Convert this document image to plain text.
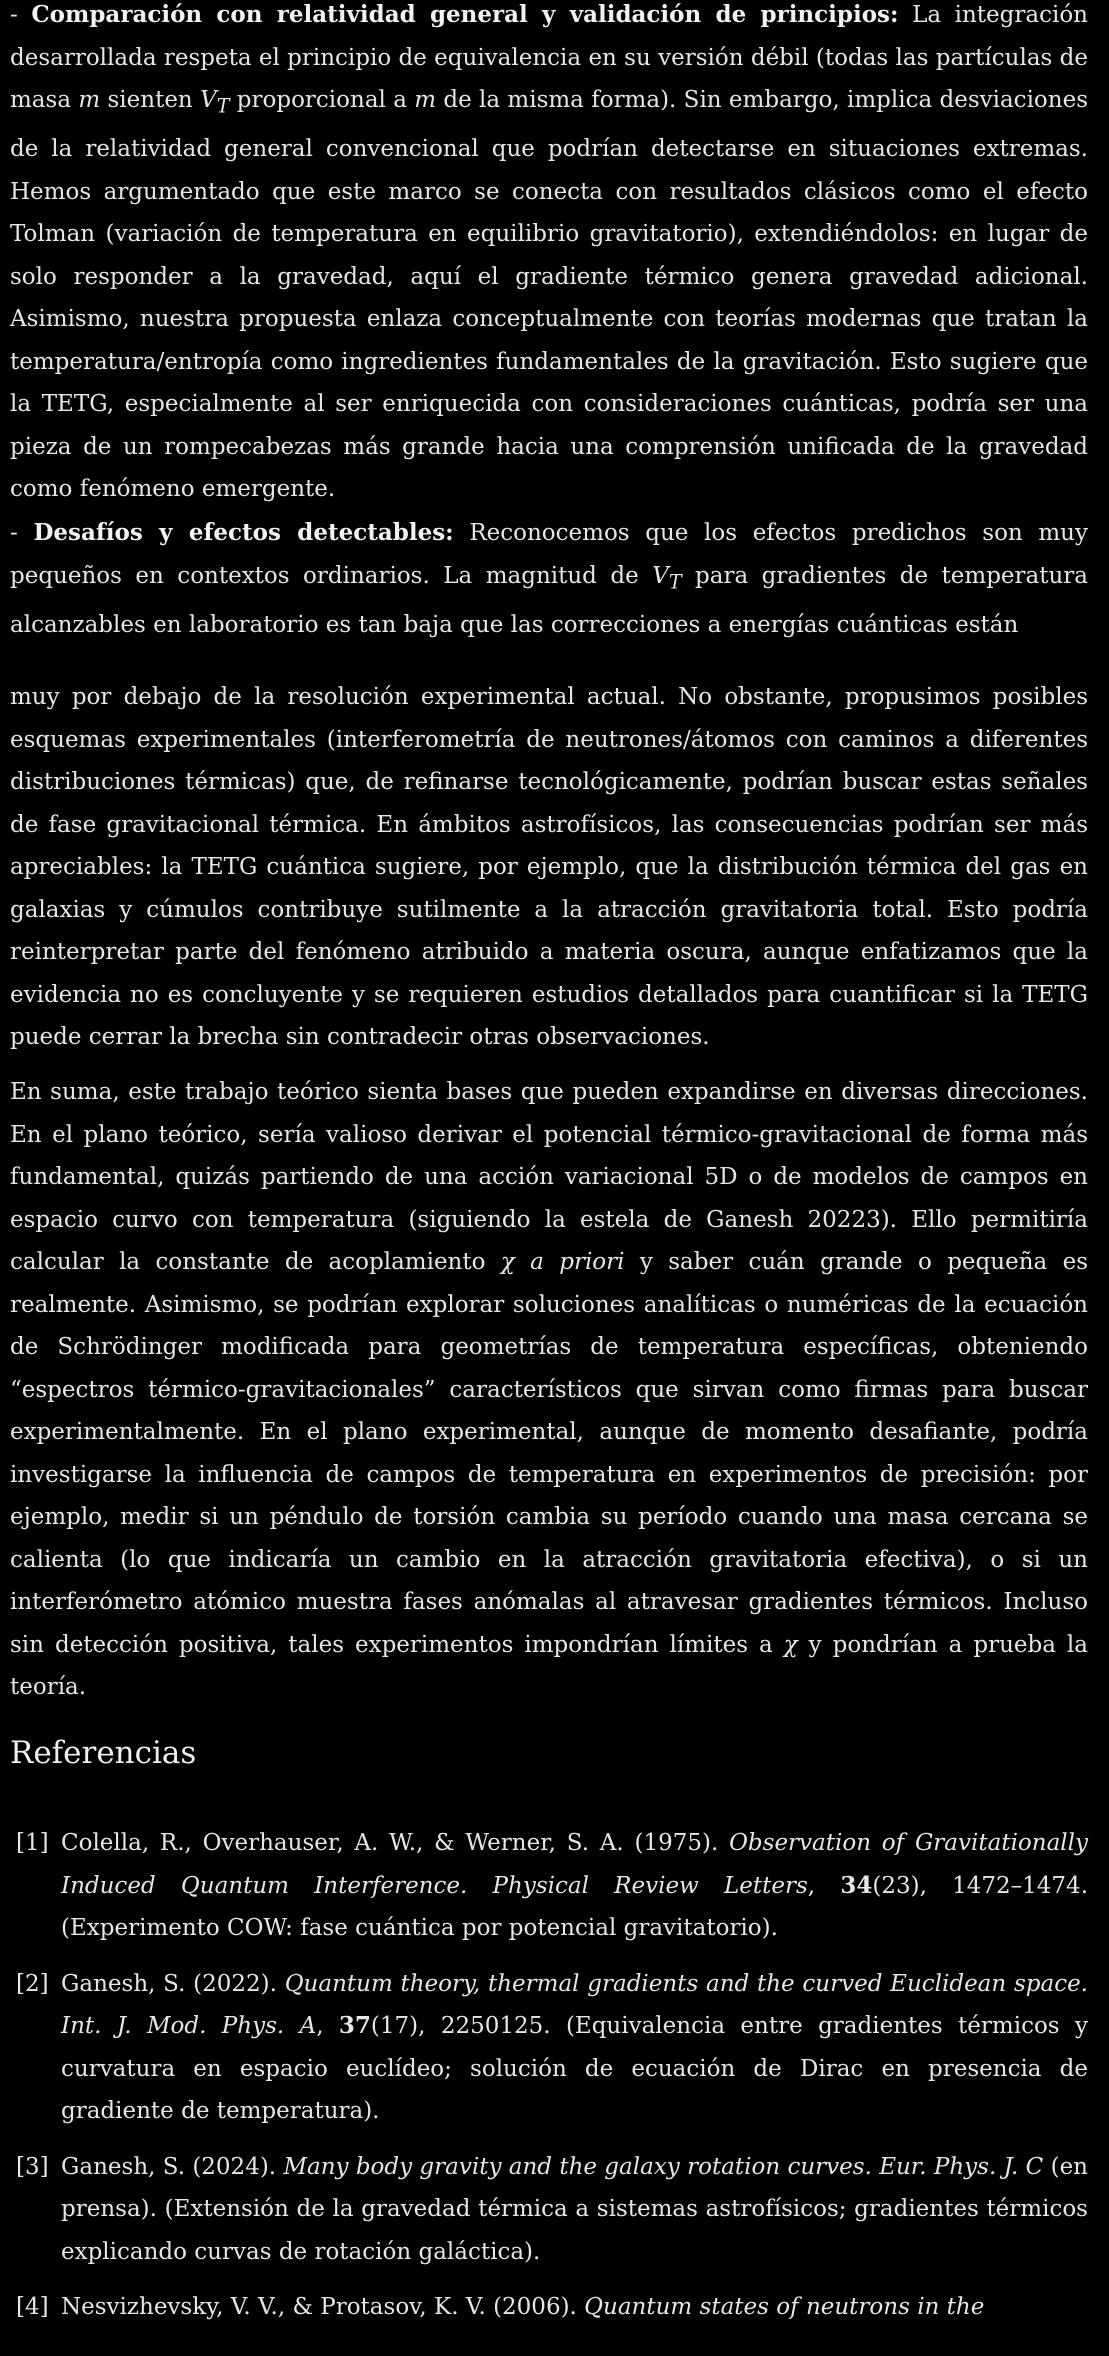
- Comparación con relatividad general y validación de principios: La integración desarrollada respeta el principio de equivalencia en su versión débil (todas las partículas de masa m sienten $V_T$ proporcional a m de la misma forma). Sin embargo, implica desviaciones de la relatividad general convencional que podrían detectarse en situaciones extremas. Hemos argumentado que este marco se conecta con resultados clásicos como el efecto Tolman (variación de temperatura en equilibrio gravitatorio), extendiéndolos: en lugar de solo responder a la gravedad, aquí el gradiente térmico genera gravedad adicional. Asimismo, nuestra propuesta enlaza conceptualmente con teorías modernas que tratan la temperatura/entropía como ingredientes fundamentales de la gravitación. Esto sugiere que la TETG, especialmente al ser enriquecida con consideraciones cuánticas, podría ser una pieza de un rompecabezas más grande hacia una comprensión unificada de la gravedad como fenómeno emergente.

- Desafíos y efectos detectables: Reconocemos que los efectos predichos son muy pequeños en contextos ordinarios. La magnitud de $V_T$ para gradientes de temperatura alcanzables en laboratorio es tan baja que las correcciones a energías cuánticas están

muy por debajo de la resolución experimental actual. No obstante, propusimos posibles esquemas experimentales (interferometría de neutrones/átomos con caminos a diferentes distribuciones térmicas) que, de refinarse tecnológicamente, podrían buscar estas señales de fase gravitacional térmica. En ámbitos astrofísicos, las consecuencias podrían ser más apreciables: la TETG cuántica sugiere, por ejemplo, que la distribución térmica del gas en galaxias y cúmulos contribuye sutilmente a la atracción gravitatoria total. Esto podría reinterpretar parte del fenómeno atribuido a materia oscura, aunque enfatizamos que la evidencia no es concluyente y se requieren estudios detallados para cuantificar si la TETG puede cerrar la brecha sin contradecir otras observaciones.

En suma, este trabajo teórico sienta bases que pueden expandirse en diversas direcciones. En el plano teórico, sería valioso derivar el potencial térmico-gravitacional de forma más fundamental, quizás partiendo de una acción variacional 5D o de modelos de campos en espacio curvo con temperatura (siguiendo la estela de Ganesh 20223). Ello permitiría calcular la constante de acoplamiento χ a priori y saber cuán grande o pequeña es realmente. Asimismo, se podrían explorar soluciones analíticas o numéricas de la ecuación de Schrödinger modificada para geometrías de temperatura específicas, obteniendo “espectros térmico-gravitacionales” característicos que sirvan como firmas para buscar experimentalmente. En el plano experimental, aunque de momento desafiante, podría investigarse la influencia de campos de temperatura en experimentos de precisión: por ejemplo, medir si un péndulo de torsión cambia su período cuando una masa cercana se calienta (lo que indicaría un cambio en la atracción gravitatoria efectiva), o si un interferómetro atómico muestra fases anómalas al atravesar gradientes térmicos. Incluso sin detección positiva, tales experimentos impondrían límites a χ y pondrían a prueba la teoría.

Referencias

[1] Colella, R., Overhauser, A. W., & Werner, S. A. (1975). Observation of Gravitationally Induced Quantum Interference. Physical Review Letters, 34(23), 1472–1474. (Experimento COW: fase cuántica por potencial gravitatorio).

[2] Ganesh, S. (2022). Quantum theory, thermal gradients and the curved Euclidean space. Int. J. Mod. Phys. A, 37(17), 2250125. (Equivalencia entre gradientes térmicos y curvatura en espacio euclídeo; solución de ecuación de Dirac en presencia de gradiente de temperatura).

[3] Ganesh, S. (2024). Many body gravity and the galaxy rotation curves. Eur. Phys. J. C (en prensa). (Extensión de la gravedad térmica a sistemas astrofísicos; gradientes térmicos explicando curvas de rotación galáctica).

[4] Nesvizhevsky, V. V., & Protasov, K. V. (2006). Quantum states of neutrons in the
